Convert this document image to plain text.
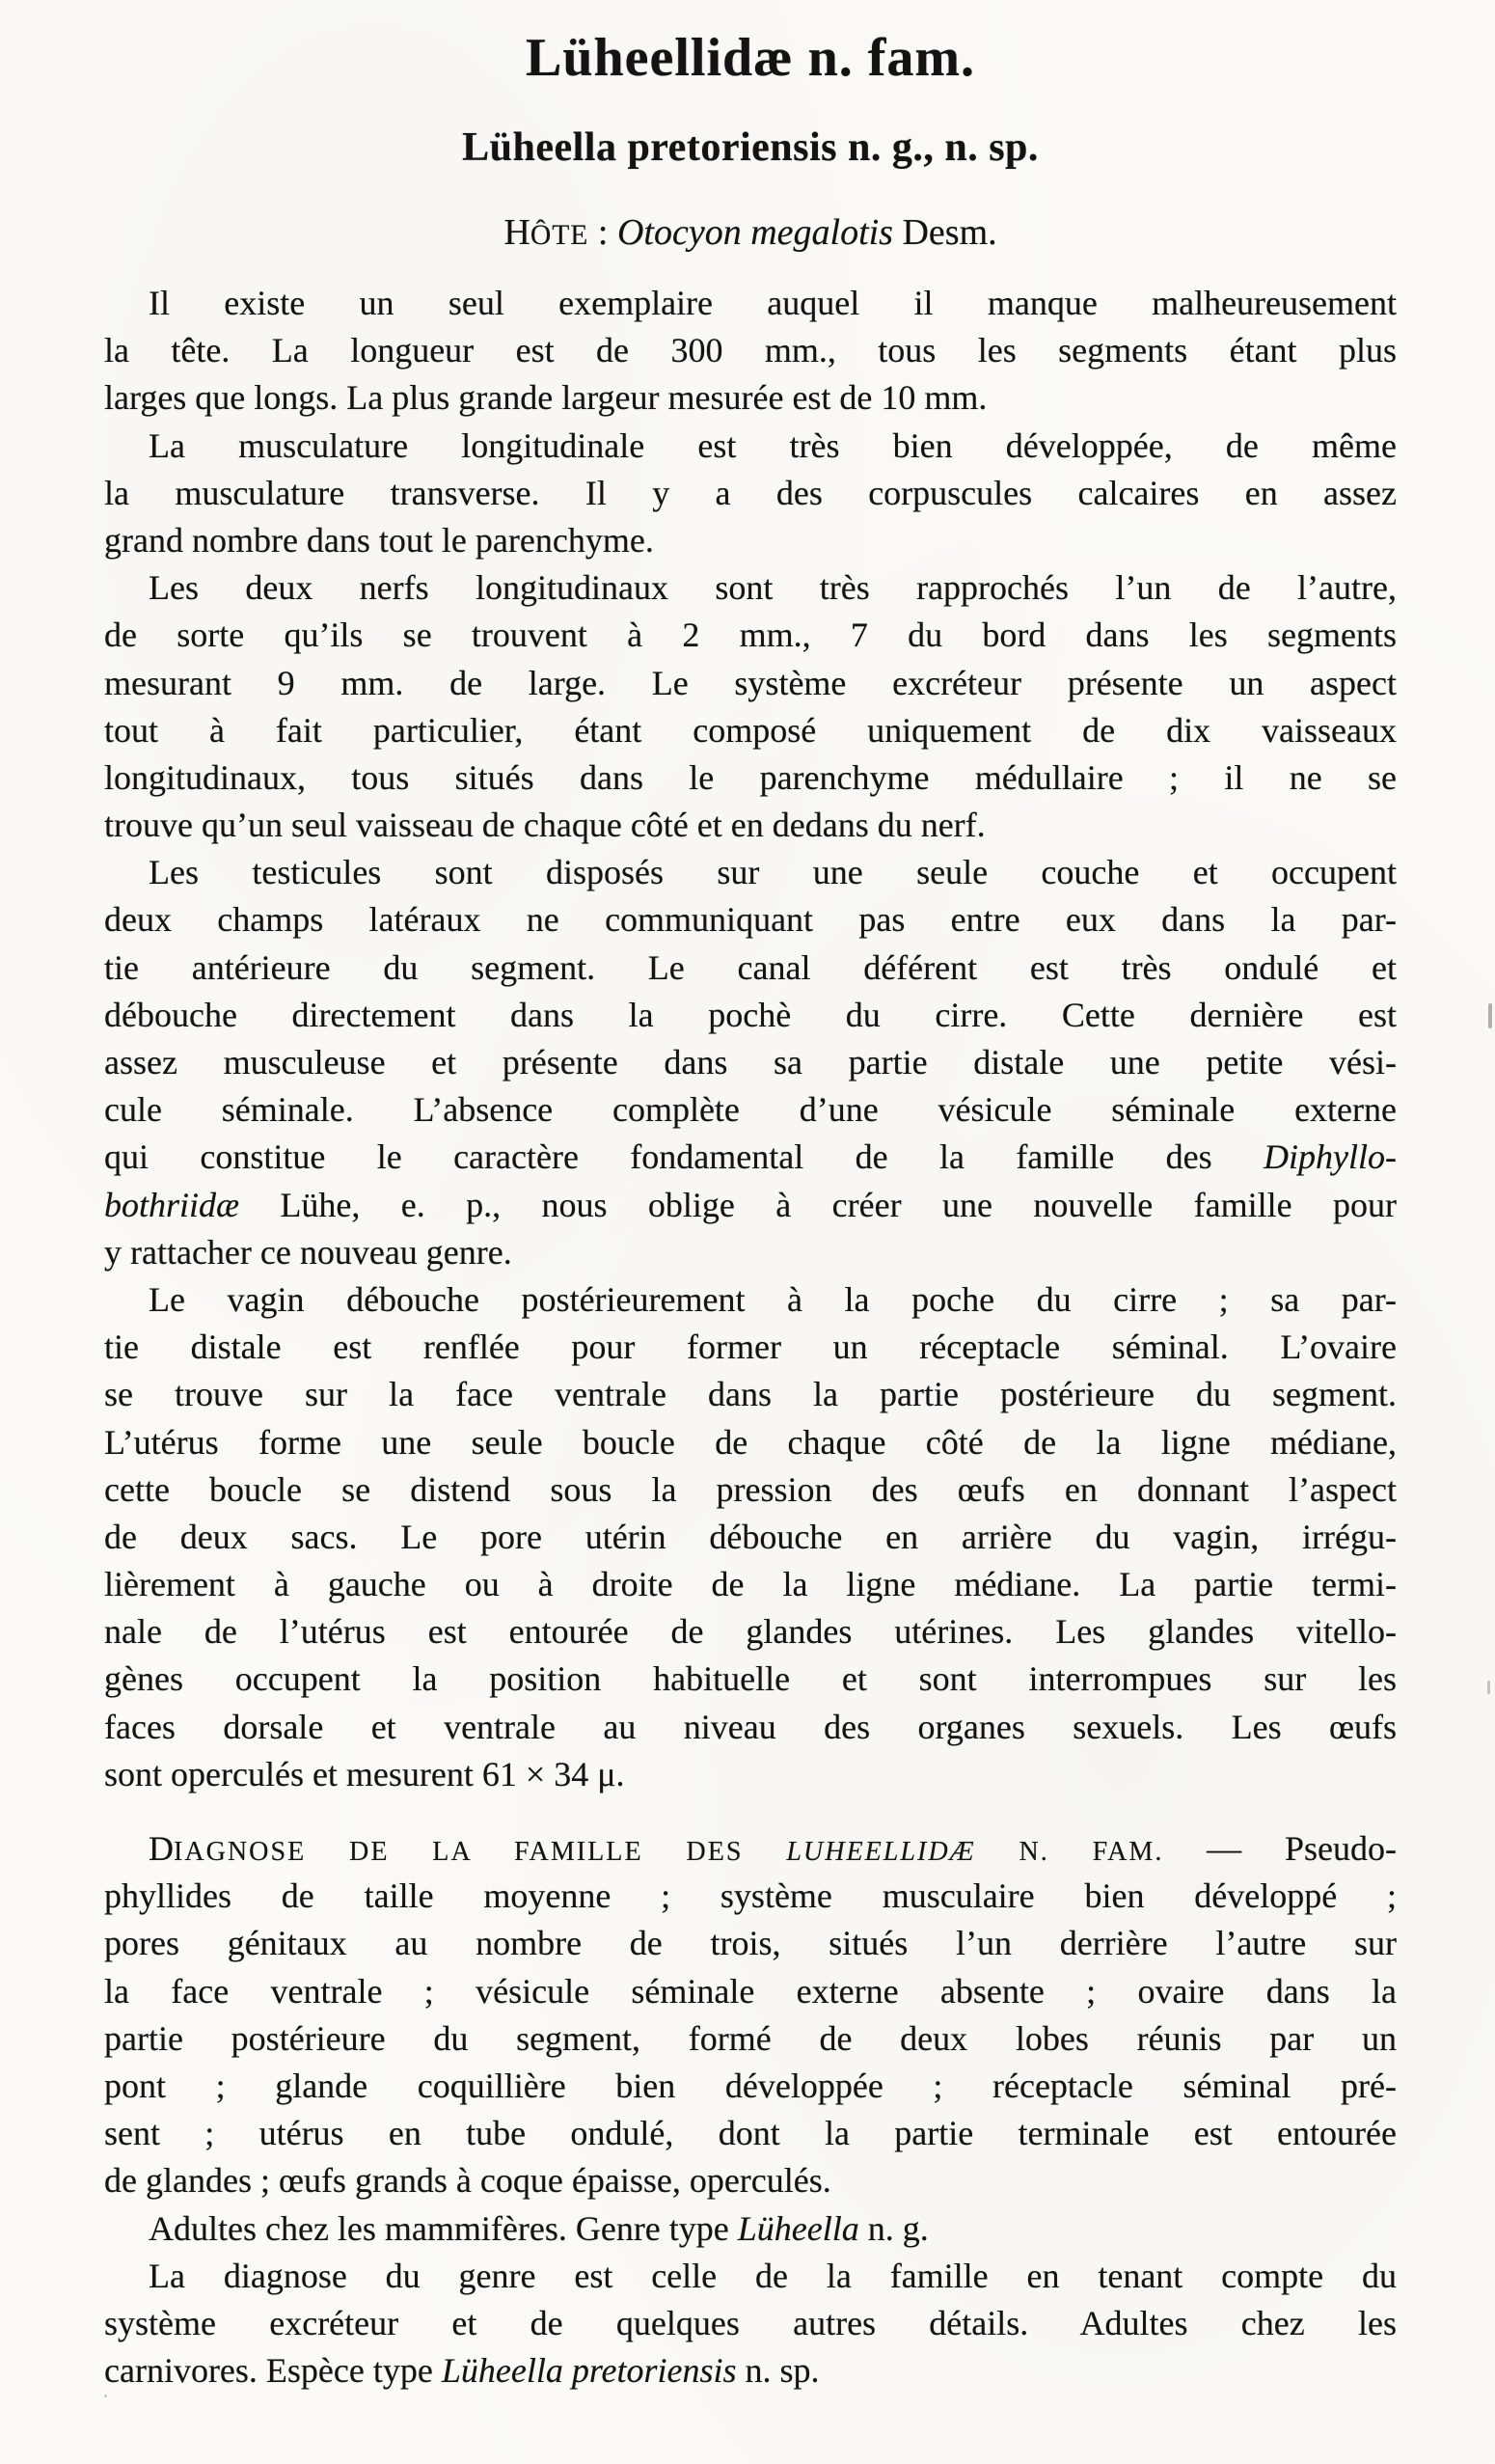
Lüheellidæ n. fam.
Lüheella pretoriensis n. g., n. sp.

HÔTE : Otocyon megalotis Desm.

Il existe un seul exemplaire auquel il manque malheureusement
la tête. La longueur est de 300 mm., tous les segments étant plus
larges que longs. La plus grande largeur mesurée est de 10 mm.
La musculature longitudinale est très bien développée, de même
la musculature transverse. Il y a des corpuscules calcaires en assez
grand nombre dans tout le parenchyme.
Les deux nerfs longitudinaux sont très rapprochés l’un de l’autre,
de sorte qu’ils se trouvent à 2 mm., 7 du bord dans les segments
mesurant 9 mm. de large. Le système excréteur présente un aspect
tout à fait particulier, étant composé uniquement de dix vaisseaux
longitudinaux, tous situés dans le parenchyme médullaire ; il ne se
trouve qu’un seul vaisseau de chaque côté et en dedans du nerf.
Les testicules sont disposés sur une seule couche et occupent
deux champs latéraux ne communiquant pas entre eux dans la par-
tie antérieure du segment. Le canal déférent est très ondulé et
débouche directement dans la pochè du cirre. Cette dernière est
assez musculeuse et présente dans sa partie distale une petite vési-
cule séminale. L’absence complète d’une vésicule séminale externe
qui constitue le caractère fondamental de la famille des Diphyllo-
bothriidæ Lühe, e. p., nous oblige à créer une nouvelle famille pour
y rattacher ce nouveau genre.
Le vagin débouche postérieurement à la poche du cirre ; sa par-
tie distale est renflée pour former un réceptacle séminal. L’ovaire
se trouve sur la face ventrale dans la partie postérieure du segment.
L’utérus forme une seule boucle de chaque côté de la ligne médiane,
cette boucle se distend sous la pression des œufs en donnant l’aspect
de deux sacs. Le pore utérin débouche en arrière du vagin, irrégu-
lièrement à gauche ou à droite de la ligne médiane. La partie termi-
nale de l’utérus est entourée de glandes utérines. Les glandes vitello-
gènes occupent la position habituelle et sont interrompues sur les
faces dorsale et ventrale au niveau des organes sexuels. Les œufs
sont operculés et mesurent 61 × 34 μ.
DIAGNOSE DE LA FAMILLE DES LUHEELLIDÆ N. FAM. — Pseudo-
phyllides de taille moyenne ; système musculaire bien développé ;
pores génitaux au nombre de trois, situés l’un derrière l’autre sur
la face ventrale ; vésicule séminale externe absente ; ovaire dans la
partie postérieure du segment, formé de deux lobes réunis par un
pont ; glande coquillière bien développée ; réceptacle séminal pré-
sent ; utérus en tube ondulé, dont la partie terminale est entourée
de glandes ; œufs grands à coque épaisse, operculés.
Adultes chez les mammifères. Genre type Lüheella n. g.
La diagnose du genre est celle de la famille en tenant compte du
système excréteur et de quelques autres détails. Adultes chez les
carnivores. Espèce type Lüheella pretoriensis n. sp.
